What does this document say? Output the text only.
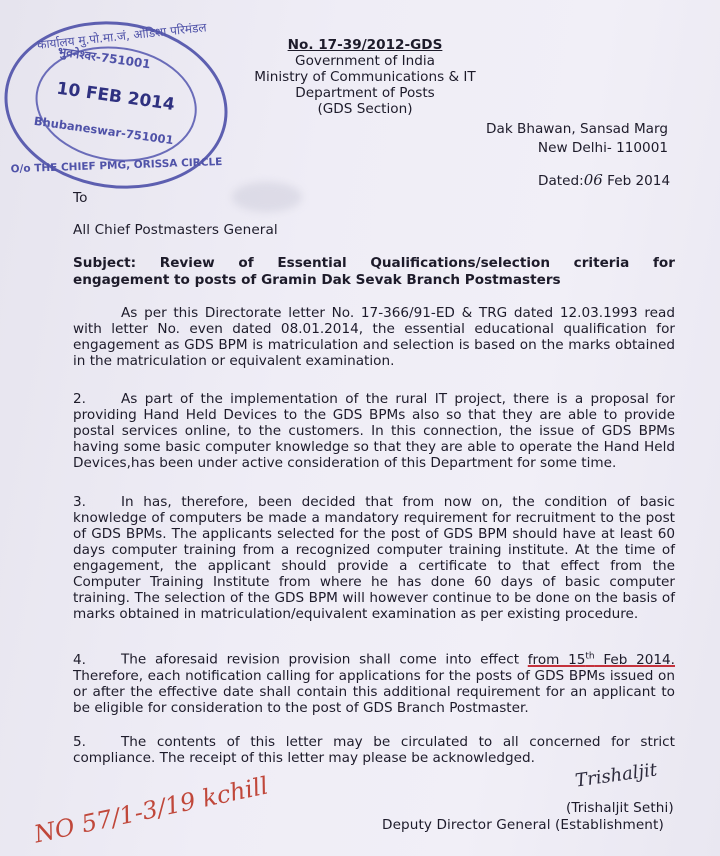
कार्यालय मु.पो.मा.जं, ओडिशा परिमंडल
भुवनेश्वर-751001
10 FEB 2014
Bhubaneswar-751001
O/o THE CHIEF PMG, ORISSA CIRCLE
No. 17-39/2012-GDS
Government of India
Ministry of Communications & IT
Department of Posts
(GDS Section)
Dak Bhawan, Sansad Marg
New Delhi- 110001
Dated:06 Feb 2014
To
All Chief Postmasters General
Subject: Review of Essential Qualifications/selection criteria for
engagement to posts of Gramin Dak Sevak Branch Postmasters
As per this Directorate letter No. 17-366/91-ED & TRG dated 12.03.1993 read with letter No. even dated 08.01.2014, the essential educational qualification for engagement as GDS BPM is matriculation and selection is based on the marks obtained in the matriculation or equivalent examination.
2.	As part of the implementation of the rural IT project, there is a proposal for providing Hand Held Devices to the GDS BPMs also so that they are able to provide postal services online, to the customers. In this connection, the issue of GDS BPMs having some basic computer knowledge so that they are able to operate the Hand Held Devices,has been under active consideration of this Department for some time.
3.	In has, therefore, been decided that from now on, the condition of basic knowledge of computers be made a mandatory requirement for recruitment to the post of GDS BPMs. The applicants selected for the post of GDS BPM should have at least 60 days computer training from a recognized computer training institute. At the time of engagement, the applicant should provide a certificate to that effect from the Computer Training Institute from where he has done 60 days of basic computer training. The selection of the GDS BPM will however continue to be done on the basis of marks obtained in matriculation/equivalent examination as per existing procedure.
4.	The aforesaid revision provision shall come into effect from 15th Feb 2014. Therefore, each notification calling for applications for the posts of GDS BPMs issued on or after the effective date shall contain this additional requirement for an applicant to be eligible for consideration to the post of GDS Branch Postmaster.
5.	The contents of this letter may be circulated to all concerned for strict compliance. The receipt of this letter may please be acknowledged.
Trishaljit
(Trishaljit Sethi)
Deputy Director General (Establishment)
NO 57/1-3/19 kchill
